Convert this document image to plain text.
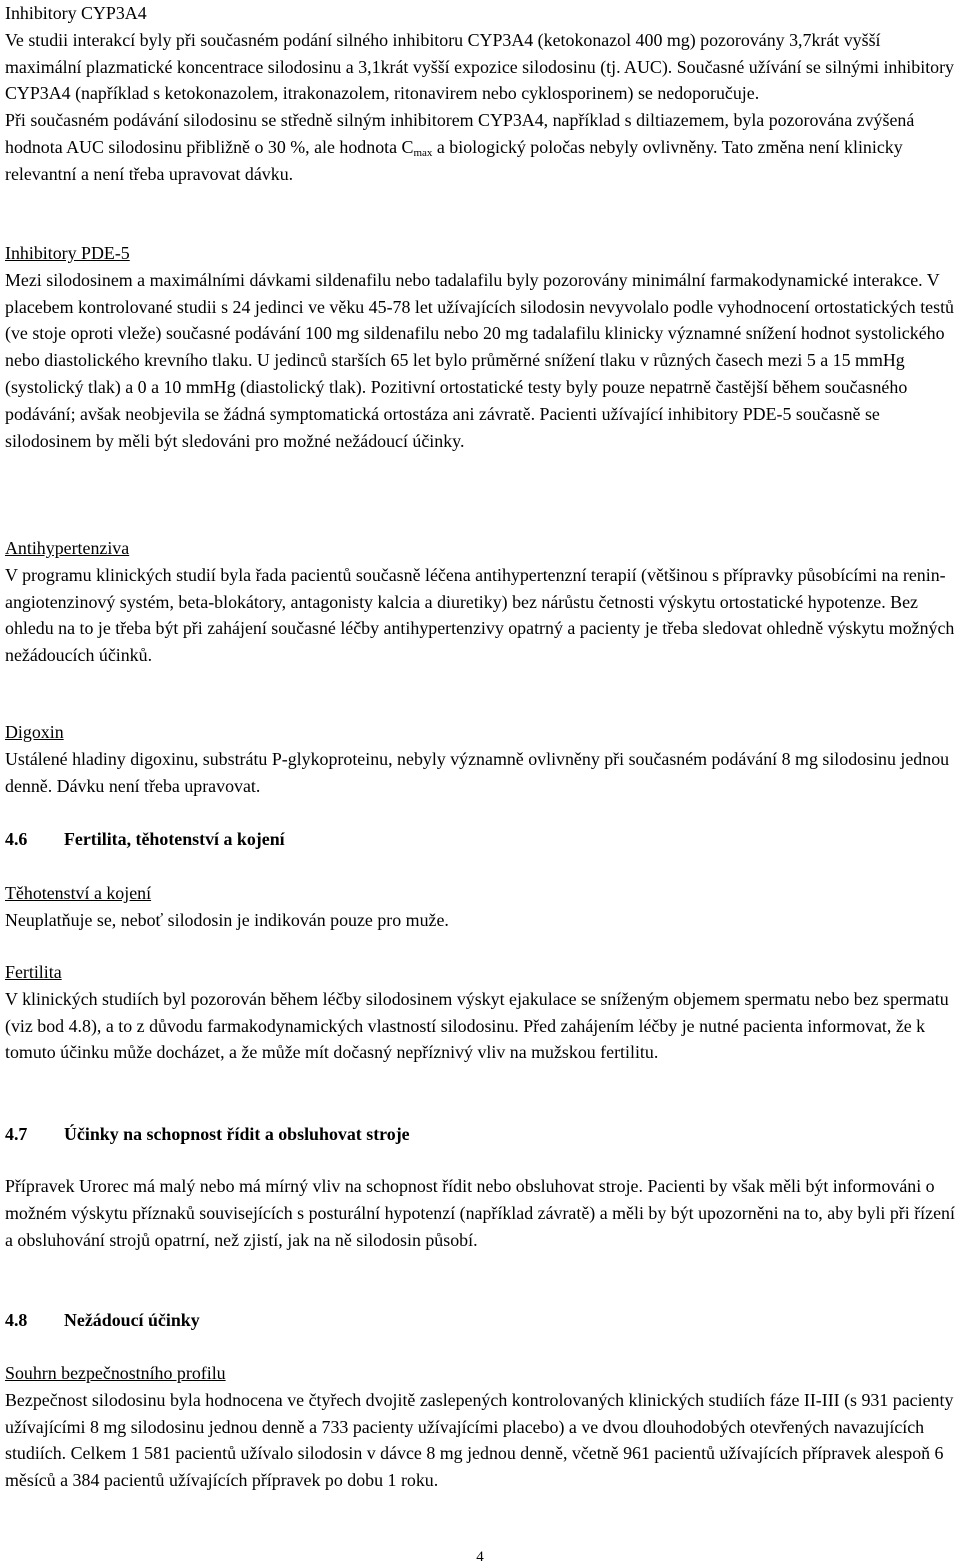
Inhibitory CYP3A4

Ve studii interakcí byly při současném podání silného inhibitoru CYP3A4 (ketokonazol 400 mg) pozorovány 3,7krát vyšší maximální plazmatické koncentrace silodosinu a 3,1krát vyšší expozice silodosinu (tj. AUC). Současné užívání se silnými inhibitory CYP3A4 (například s ketokonazolem, itrakonazolem, ritonavirem nebo cyklosporinem) se nedoporučuje.

Při současném podávání silodosinu se středně silným inhibitorem CYP3A4, například s diltiazemem, byla pozorována zvýšená hodnota AUC silodosinu přibližně o 30 %, ale hodnota $C_{max}$ a biologický poločas nebyly ovlivněny. Tato změna není klinicky relevantní a není třeba upravovat dávku.

Inhibitory PDE-5

Mezi silodosinem a maximálními dávkami sildenafilu nebo tadalafilu byly pozorovány minimální farmakodynamické interakce. V placebem kontrolované studii s 24 jedinci ve věku 45-78 let užívajících silodosin nevyvolalo podle vyhodnocení ortostatických testů (ve stoje oproti vleže) současné podávání 100 mg sildenafilu nebo 20 mg tadalafilu klinicky významné snížení hodnot systolického nebo diastolického krevního tlaku. U jedinců starších 65 let bylo průměrné snížení tlaku v různých časech mezi 5 a 15 mmHg (systolický tlak) a 0 a 10 mmHg (diastolický tlak). Pozitivní ortostatické testy byly pouze nepatrně častější během současného podávání; avšak neobjevila se žádná symptomatická ortostáza ani závratě. Pacienti užívající inhibitory PDE-5 současně se silodosinem by měli být sledováni pro možné nežádoucí účinky.

Antihypertenziva

V programu klinických studií byla řada pacientů současně léčena antihypertenzní terapií (většinou s přípravky působícími na renin-angiotenzinový systém, beta-blokátory, antagonisty kalcia a diuretiky) bez nárůstu četnosti výskytu ortostatické hypotenze. Bez ohledu na to je třeba být při zahájení současné léčby antihypertenzivy opatrný a pacienty je třeba sledovat ohledně výskytu možných nežádoucích účinků.

Digoxin

Ustálené hladiny digoxinu, substrátu P-glykoproteinu, nebyly významně ovlivněny při současném podávání 8 mg silodosinu jednou denně. Dávku není třeba upravovat.

4.6 Fertilita, těhotenství a kojení

Těhotenství a kojení

Neuplatňuje se, neboť silodosin je indikován pouze pro muže.

Fertilita

V klinických studiích byl pozorován během léčby silodosinem výskyt ejakulace se sníženým objemem spermatu nebo bez spermatu (viz bod 4.8), a to z důvodu farmakodynamických vlastností silodosinu. Před zahájením léčby je nutné pacienta informovat, že k tomuto účinku může docházet, a že může mít dočasný nepříznivý vliv na mužskou fertilitu.

4.7 Účinky na schopnost řídit a obsluhovat stroje

Přípravek Urorec má malý nebo má mírný vliv na schopnost řídit nebo obsluhovat stroje. Pacienti by však měli být informováni o možném výskytu příznaků souvisejících s posturální hypotenzí (například závratě) a měli by být upozorněni na to, aby byli při řízení a obsluhování strojů opatrní, než zjistí, jak na ně silodosin působí.

4.8 Nežádoucí účinky

Souhrn bezpečnostního profilu

Bezpečnost silodosinu byla hodnocena ve čtyřech dvojitě zaslepených kontrolovaných klinických studiích fáze II-III (s 931 pacienty užívajícími 8 mg silodosinu jednou denně a 733 pacienty užívajícími placebo) a ve dvou dlouhodobých otevřených navazujících studiích. Celkem 1 581 pacientů užívalo silodosin v dávce 8 mg jednou denně, včetně 961 pacientů užívajících přípravek alespoň 6 měsíců a 384 pacientů užívajících přípravek po dobu 1 roku.

4
